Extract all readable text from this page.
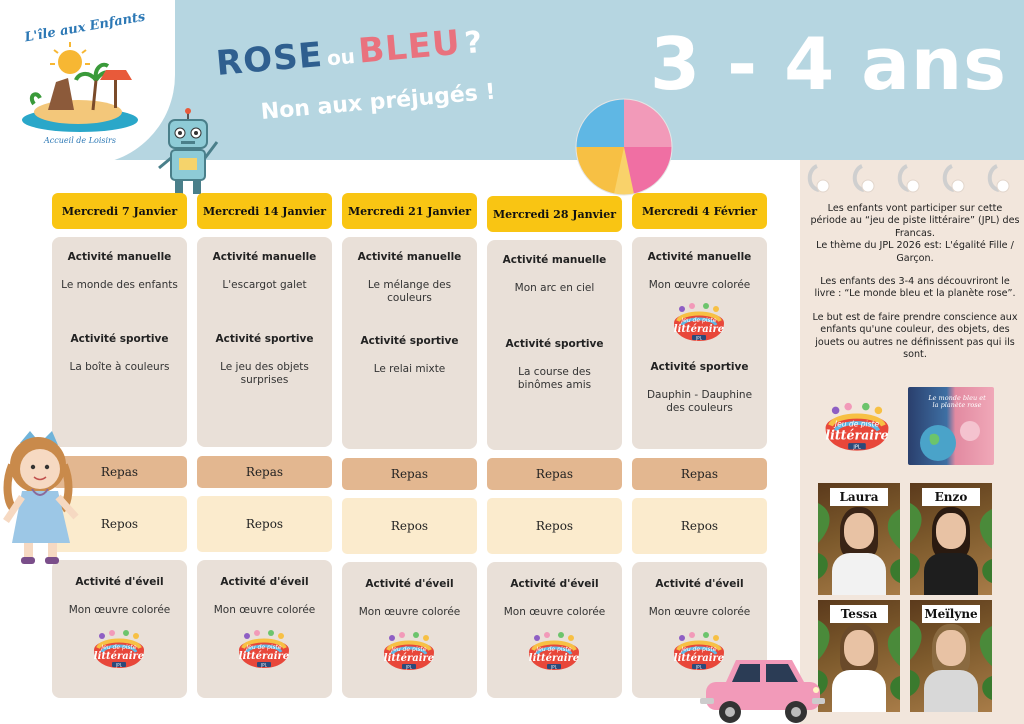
L'île aux Enfants
Accueil de Loisirs
ROSEouBLEU?
Non aux préjugés ! 3 - 4 ans

Les enfants vont participer sur cette période au “jeu de piste littéraire” (JPL) des Francas.
Le thème du JPL 2026 est: L'égalité Fille / Garçon.

Les enfants des 3-4 ans découvriront le livre : “Le monde bleu et la planète rose”.

Le but est de faire prendre conscience aux enfants qu'une couleur, des objets, des jouets ou autres ne définissent pas qui ils sont.

Mercredi 7 Janvier
Activité manuelle
Le monde des enfants
Activité sportive
La boîte à couleurs
Repas
Repos
Activité d'éveil
Mon œuvre colorée
Jeu de piste
littéraire
JPL
Mercredi 14 Janvier
Activité manuelle
L'escargot galet
Activité sportive
Le jeu des objets surprises
Repas
Repos
Activité d'éveil
Mon œuvre colorée
Jeu de piste
littéraire
JPL
Mercredi 21 Janvier
Activité manuelle
Le mélange des couleurs
Activité sportive
Le relai mixte
Repas
Repos
Activité d'éveil
Mon œuvre colorée
Jeu de piste
littéraire
JPL
Mercredi 28 Janvier
Activité manuelle
Mon arc en ciel
Activité sportive
La course des binômes amis
Repas
Repos
Activité d'éveil
Mon œuvre colorée
Jeu de piste
littéraire
JPL
Mercredi 4 Février
Activité manuelle
Mon œuvre colorée
Jeu de piste
littéraire
JPL
Activité sportive
Dauphin - Dauphine des couleurs
Repas
Repos
Activité d'éveil
Mon œuvre colorée
Jeu de piste
littéraire
JPL
Jeu de piste
littéraire
JPL
Le monde bleu et la planète rose
Laura	Enzo
Tessa	Meïlyne
